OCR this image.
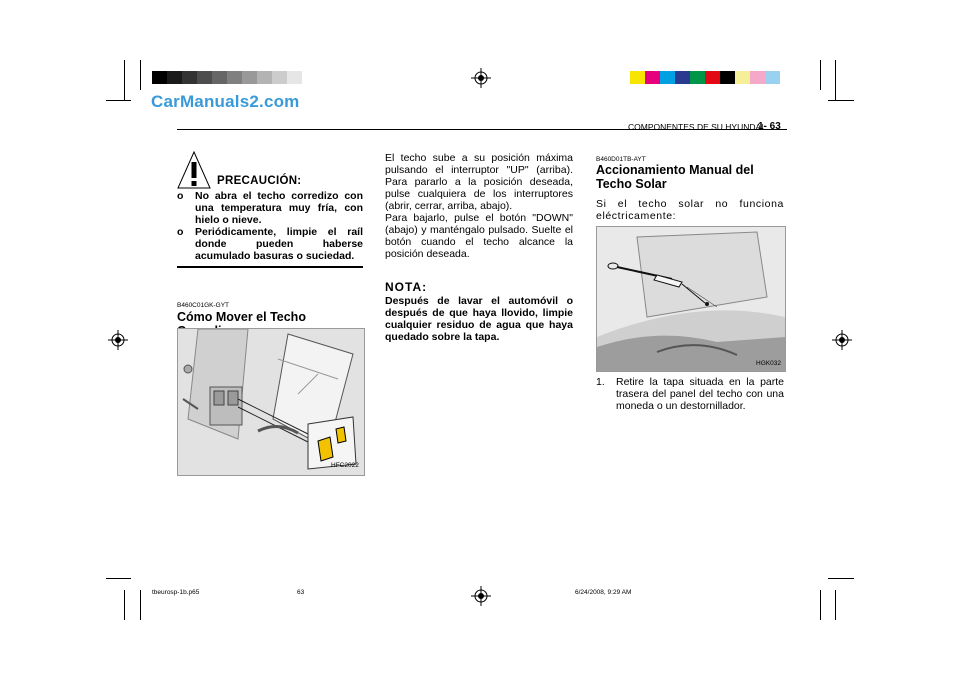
CarManuals2.com
COMPONENTES DE SU HYUNDAI
1- 63
PRECAUCIÓN:
o No abra el techo corredizo con una temperatura muy fría, con hielo o nieve.
o Periódicamente, limpie el raíl donde pueden haberse acumulado basuras o suciedad.
B460C01GK-GYT
Cómo Mover el Techo
HFC2022
El techo sube a su posición máxima pulsando el interruptor "UP" (arriba). Para pararlo a la posición deseada, pulse cualquiera de los interruptores (abrir, cerrar, arriba, abajo).
Para bajarlo, pulse el botón "DOWN" (abajo) y manténgalo pulsado. Suelte el botón cuando el techo alcance la posición deseada.
NOTA:
Después de lavar el automóvil o después de que haya llovido, limpie cualquier residuo de agua que haya quedado sobre la tapa.
B460D01TB-AYT
Accionamiento Manual del Techo Solar
Si el techo solar no funciona eléctricamente:
HGK032
1. Retire la tapa situada en la parte trasera del panel del techo con una moneda o un destornillador.
tbeurosp-1b.p65	63	6/24/2008, 9:29 AM
